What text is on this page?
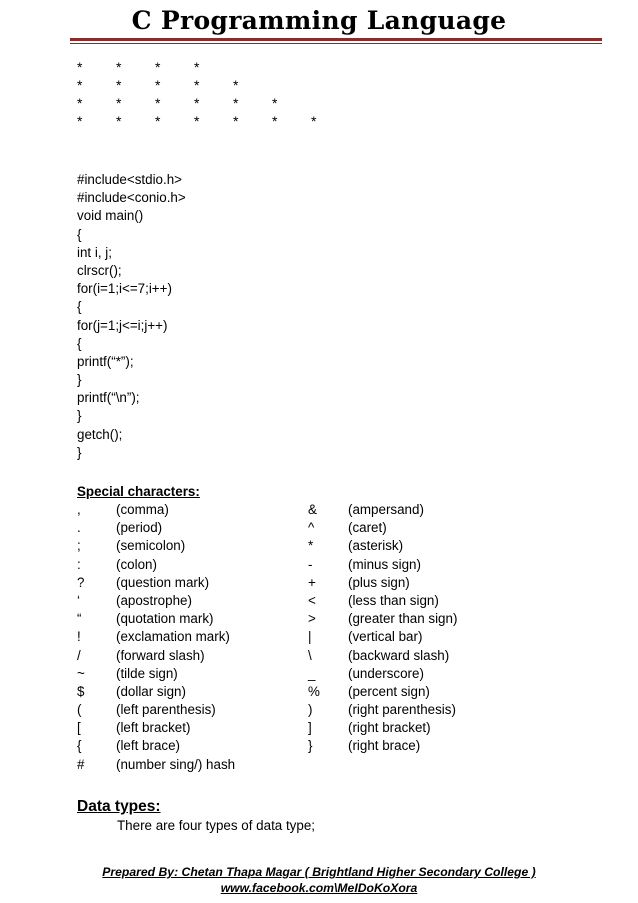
C Programming Language
* * * *
* * * * *
* * * * * *
* * * * * * *
#include<stdio.h>
#include<conio.h>
void main()
{
int i, j;
clrscr();
for(i=1;i<=7;i++)
{
for(j=1;j<=i;j++)
{
printf(“*”);
}
printf(“\n”);
}
getch();
}
Special characters:
,	(comma)	& (ampersand)
.	(period)	^	(caret)
;	(semicolon)	*	(asterisk)
:	(colon)	-	(minus sign)
? (question mark)	+ (plus sign)
‘	(apostrophe)	< (less than sign)
“	(quotation mark)	> (greater than sign)
!	(exclamation mark)	|	(vertical bar)
/	(forward slash)	\	(backward slash)
~ (tilde sign)	_ (underscore)
$ (dollar sign)	% (percent sign)
(	(left parenthesis)	)	(right parenthesis)
[	(left bracket)	]	(right bracket)
{	(left brace)	}	(right brace)
# (number sing/) hash
Data types:
There are four types of data type;
Prepared By: Chetan Thapa Magar ( Brightland Higher Secondary College )
www.facebook.com\MeIDoKoXora
